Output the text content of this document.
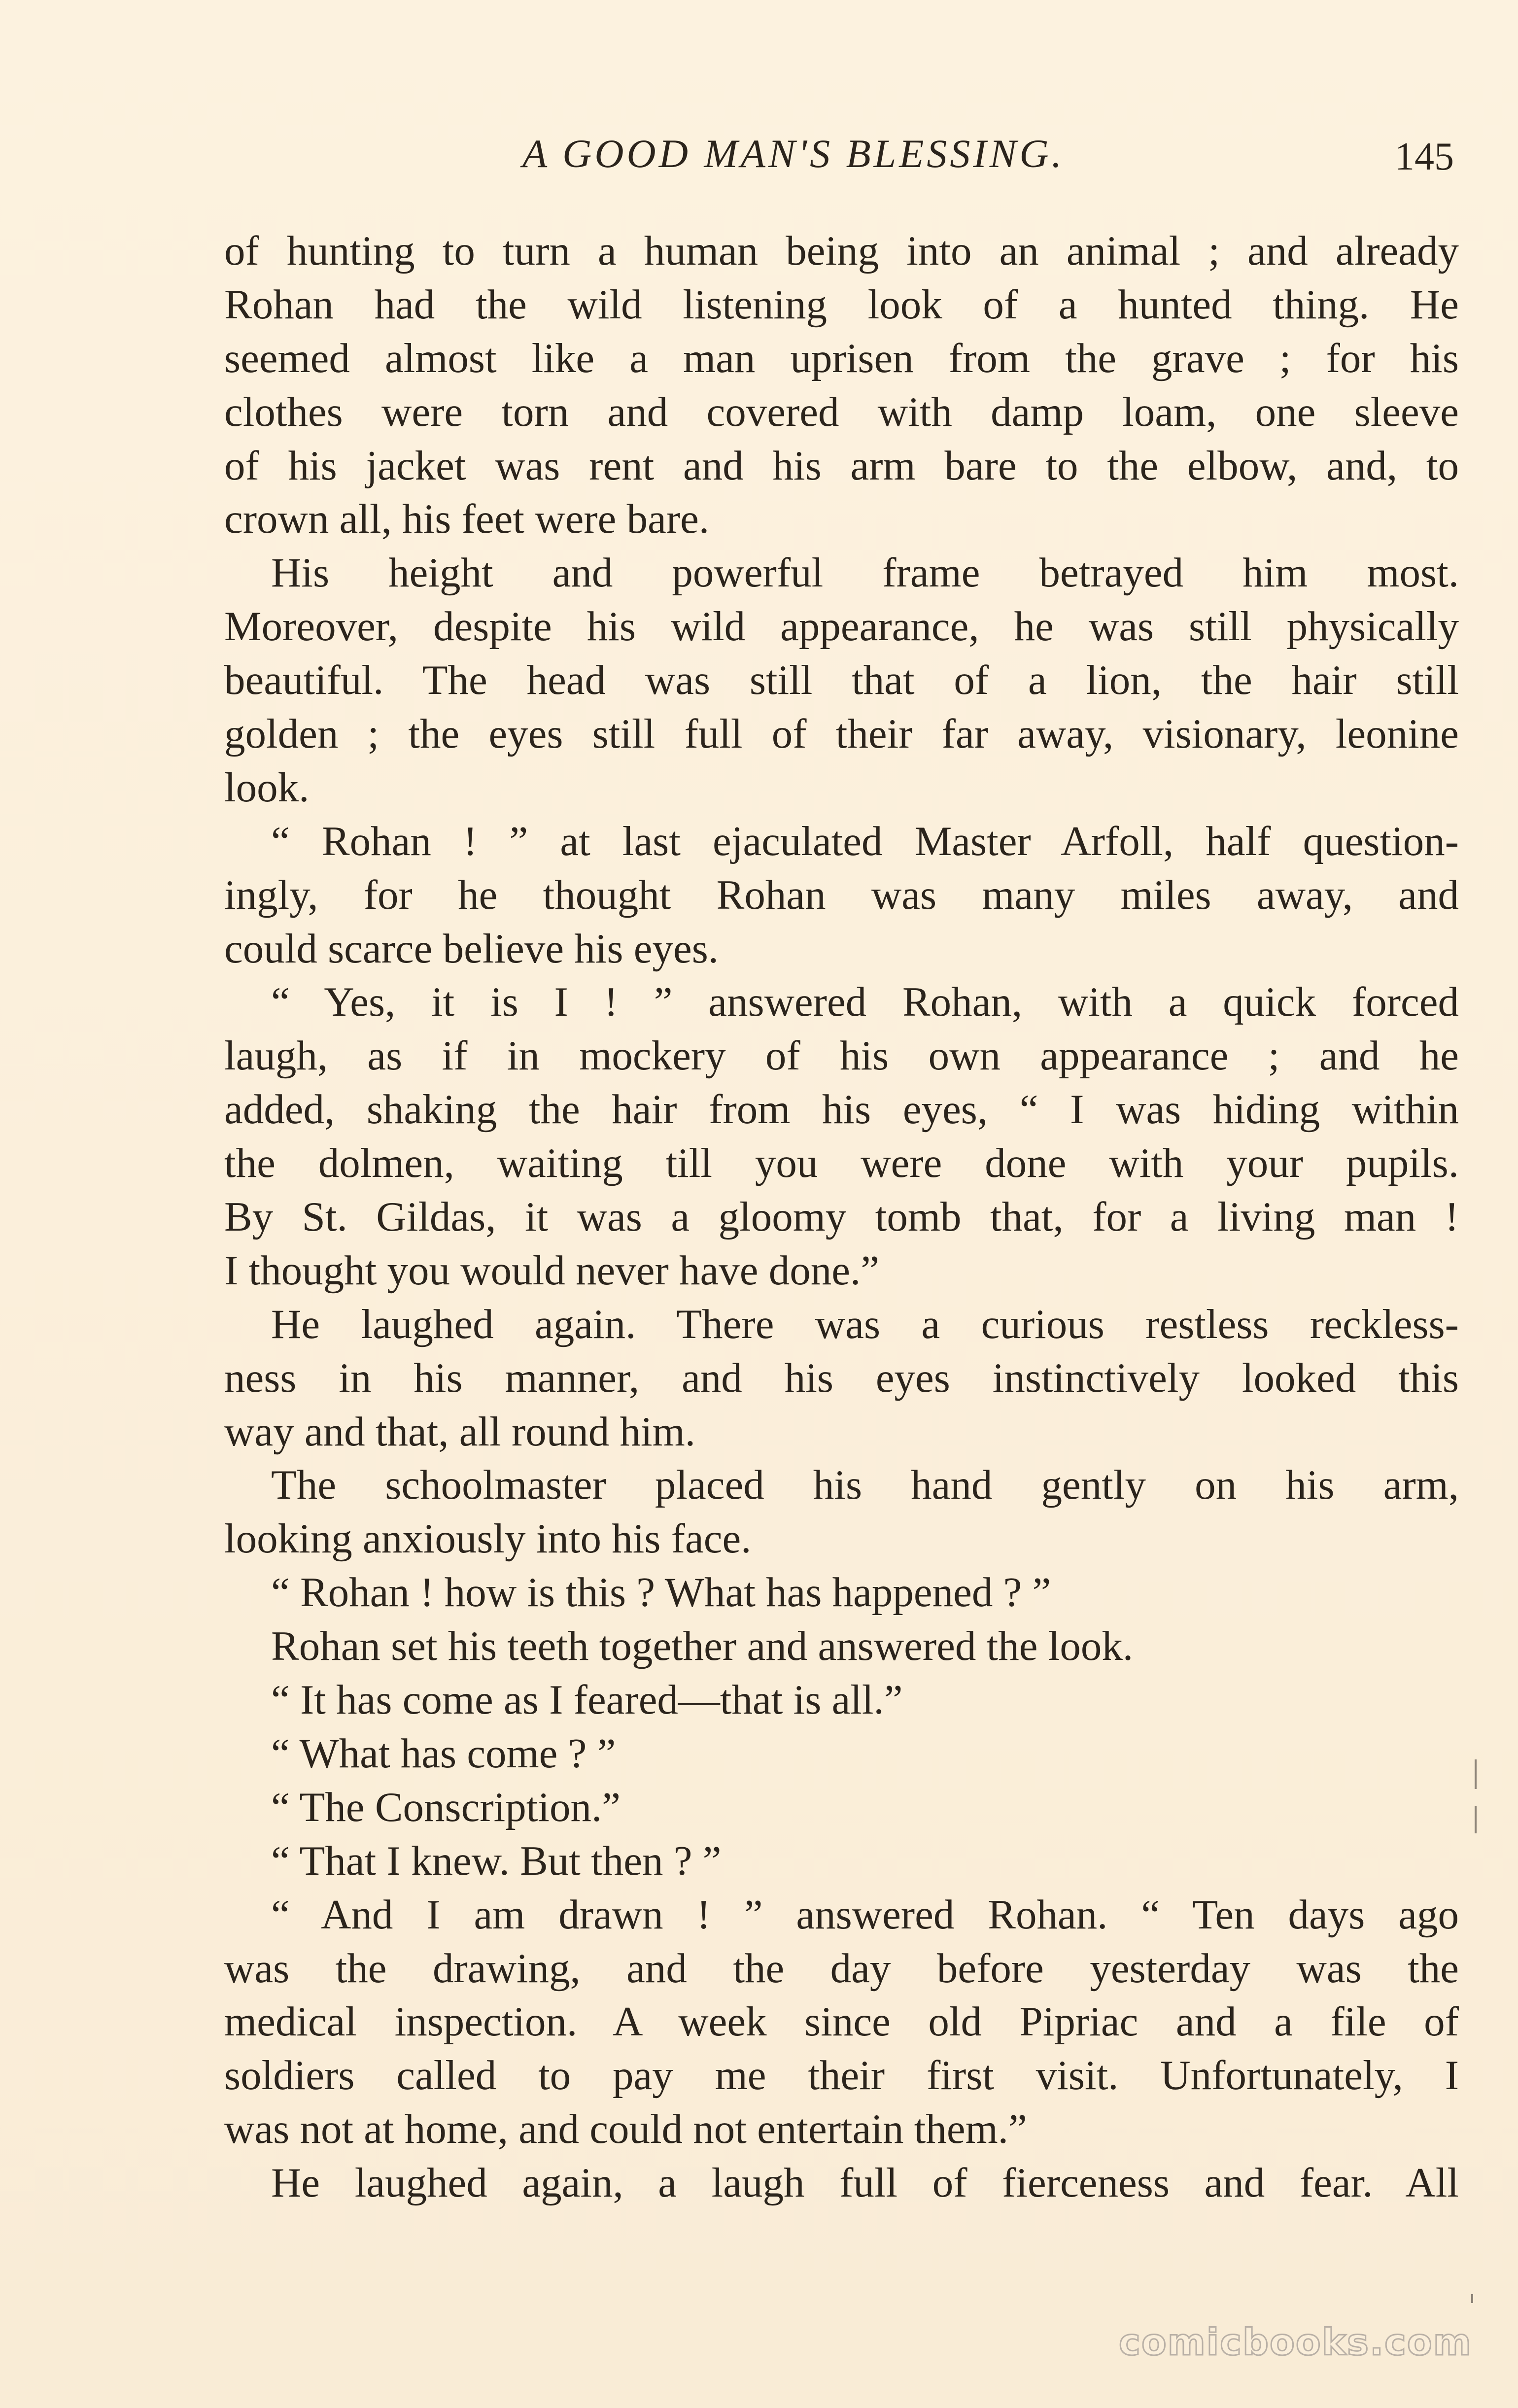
A GOOD MAN'S BLESSING.	145
of hunting to turn a human being into an animal ; and already
Rohan had the wild listening look of a hunted thing. He
seemed almost like a man uprisen from the grave ; for his
clothes were torn and covered with damp loam, one sleeve
of his jacket was rent and his arm bare to the elbow, and, to
crown all, his feet were bare.
His height and powerful frame betrayed him most.
Moreover, despite his wild appearance, he was still physically
beautiful. The head was still that of a lion, the hair still
golden ; the eyes still full of their far away, visionary, leonine
look.
“ Rohan ! ” at last ejaculated Master Arfoll, half question-
ingly, for he thought Rohan was many miles away, and
could scarce believe his eyes.
“ Yes, it is I ! ” answered Rohan, with a quick forced
laugh, as if in mockery of his own appearance ; and he
added, shaking the hair from his eyes, “ I was hiding within
the dolmen, waiting till you were done with your pupils.
By St. Gildas, it was a gloomy tomb that, for a living man !
I thought you would never have done.”
He laughed again. There was a curious restless reckless-
ness in his manner, and his eyes instinctively looked this
way and that, all round him.
The schoolmaster placed his hand gently on his arm,
looking anxiously into his face.
“ Rohan ! how is this ? What has happened ? ”
Rohan set his teeth together and answered the look.
“ It has come as I feared—that is all.”
“ What has come ? ”
“ The Conscription.”
“ That I knew. But then ? ”
“ And I am drawn ! ” answered Rohan. “ Ten days ago
was the drawing, and the day before yesterday was the
medical inspection. A week since old Pipriac and a file of
soldiers called to pay me their first visit. Unfortunately, I
was not at home, and could not entertain them.”
He laughed again, a laugh full of fierceness and fear. All
comicbooks.com
